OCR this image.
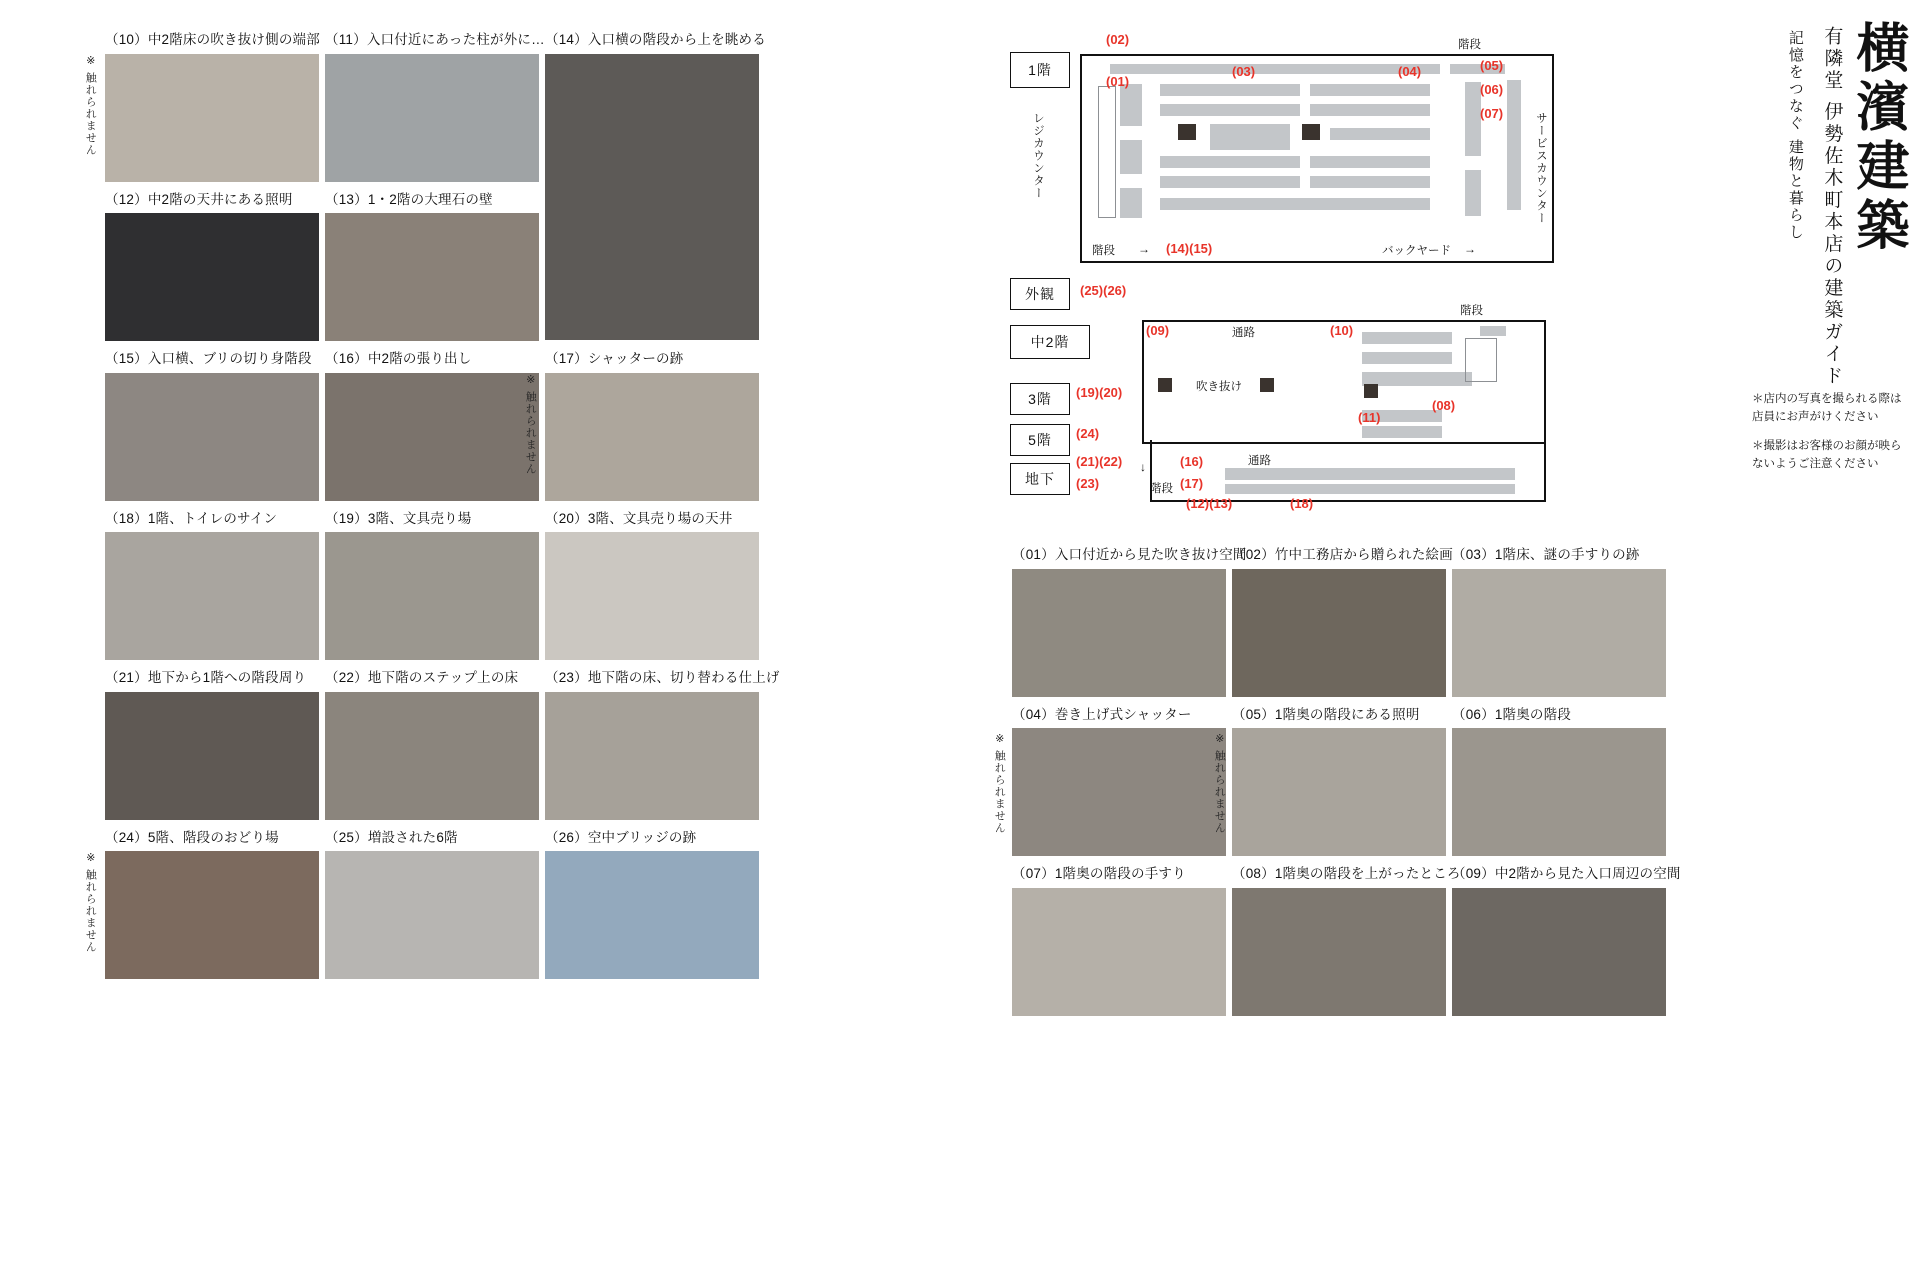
（10）中2階床の吹き抜け側の端部
※ 触れられません
（11）入口付近にあった柱が外に… （14）入口横の階段から上を眺める
（12）中2階の天井にある照明	（13）1・2階の大理石の壁
（15）入口横、ブリの切り身階段 （16）中2階の張り出し	（17）シャッターの跡
※ 触れられません
（18）1階、トイレのサイン	（19）3階、文具売り場	（20）3階、文具売り場の天井
（21）地下から1階への階段周り	（22）地下階のステップ上の床	（23）地下階の床、切り替わる仕上げ
（24）5階、階段のおどり場
※ 触れられません
（25）増設された6階	（26）空中ブリッジの跡
横濱建築
有隣堂 伊勢佐木町本店の建築ガイド
記憶をつなぐ 建物と暮らし

＊店内の写真を撮られる際は店員にお声がけください

＊撮影はお客様のお顔が映らないようご注意ください

1階
外観
中2階
3階
5階
地下
レジカウンター	サービスカウンター
階段
階段	バックヤード
→	→
(02)
(01)
(03)	(04)	(05)
(06)
(07)
(14)(15)
(25)(26)
階段
通路
吹き抜け
通路
階段
↓
(09)	(10)
(08)
(11)
(19)(20)
(24)
(21)(22)	(16)
(23)	(17)
(12)(13)	(18)
（01）入口付近から見た吹き抜け空間
（02）竹中工務店から贈られた絵画 （03）1階床、謎の手すりの跡
（04）巻き上げ式シャッター
※ 触れられません
（05）1階奥の階段にある照明
※ 触れられません
（06）1階奥の階段
（07）1階奥の階段の手すり	（08）1階奥の階段を上がったところ
（09）中2階から見た入口周辺の空間
